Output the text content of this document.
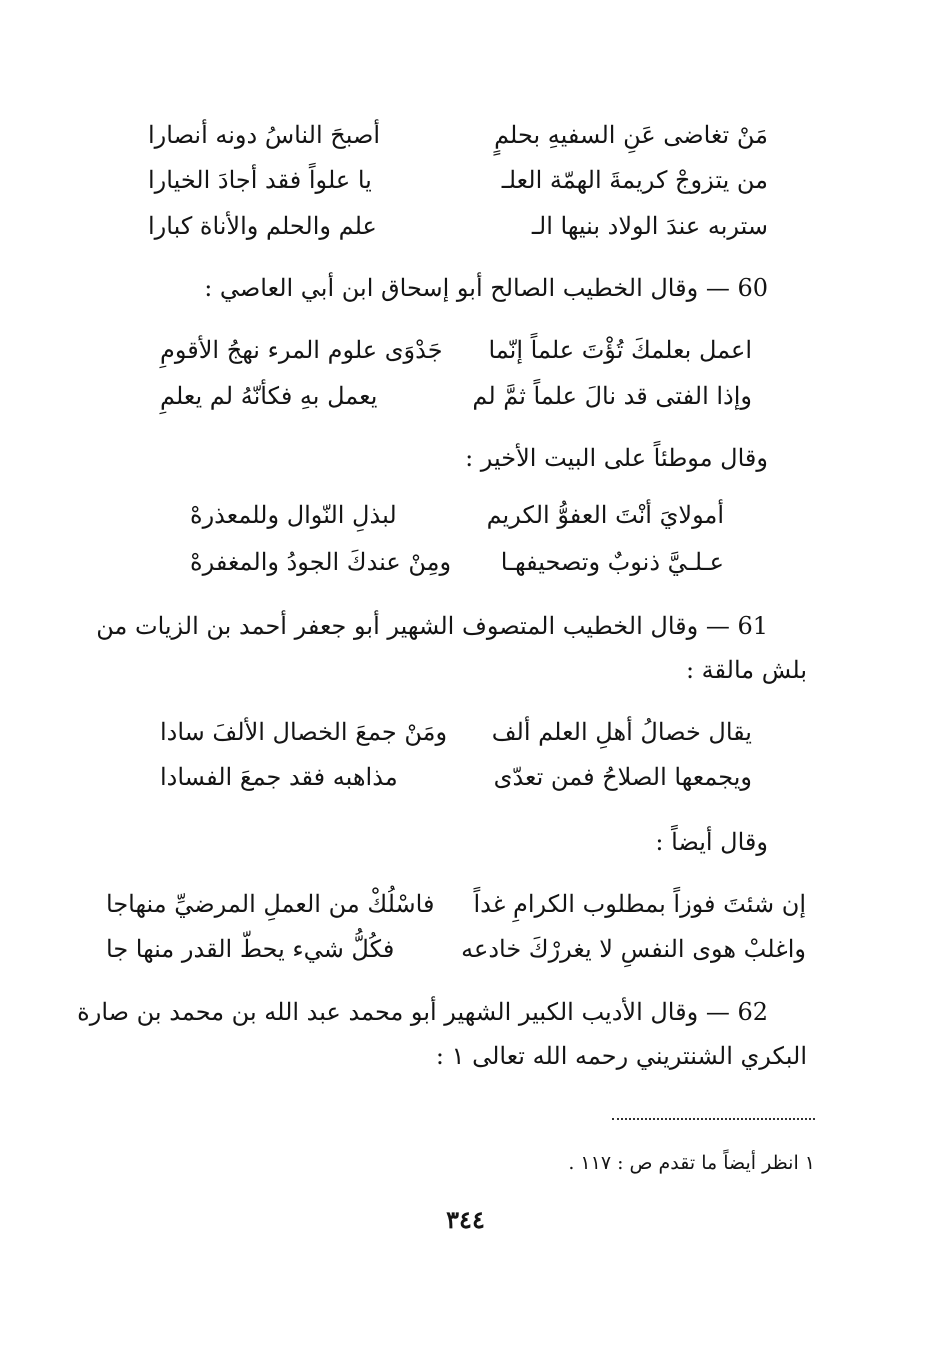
مَنْ تغاضى عَنِ السفيهِ بحلمٍ
أصبحَ الناسُ دونه أنصارا
من يتزوجْ كريمةَ الهمّة العلـ
يا علواً فقد أجادَ الخيارا
ستربه عندَ الولاد بنيها الـ
علم والحلم والأناة كبارا
60 — وقال الخطيب الصالح أبو إسحاق ابن أبي العاصي :
اعمل بعلمكَ تُؤْتَ علماً إنّما
جَدْوَى علوم المرء نهجُ الأقومِ
وإذا الفتى قد نالَ علماً ثمَّ لم
يعمل بهِ فكأنّهُ لم يعلمِ
وقال موطئاً على البيت الأخير :
أمولايَ أنْتَ العفوُّ الكريم
لبذلِ النّوال وللمعذرهْ
عـلـيَّ ذنوبٌ وتصحيفهـا
ومِنْ عندكَ الجودُ والمغفرهْ
61 — وقال الخطيب المتصوف الشهير أبو جعفر أحمد بن الزيات من
بلش مالقة :
يقال خصالُ أهلِ العلم ألف
ومَنْ جمعَ الخصال الألفَ سادا
ويجمعها الصلاحُ فمن تعدّى
مذاهبه فقد جمعَ الفسادا
وقال أيضاً :
إن شئتَ فوزاً بمطلوب الكرامِ غداً
فاسْلُكْ من العملِ المرضيِّ منهاجا
واغلبْ هوى النفسِ لا يغررْكَ خادعه
فكُلُّ شيء يحطّ القدر منها جا
62 — وقال الأديب الكبير الشهير أبو محمد عبد الله بن محمد بن صارة
البكري الشنتريني رحمه الله تعالى ١ :
١ انظر أيضاً ما تقدم ص : ١١٧ .
٣٤٤
